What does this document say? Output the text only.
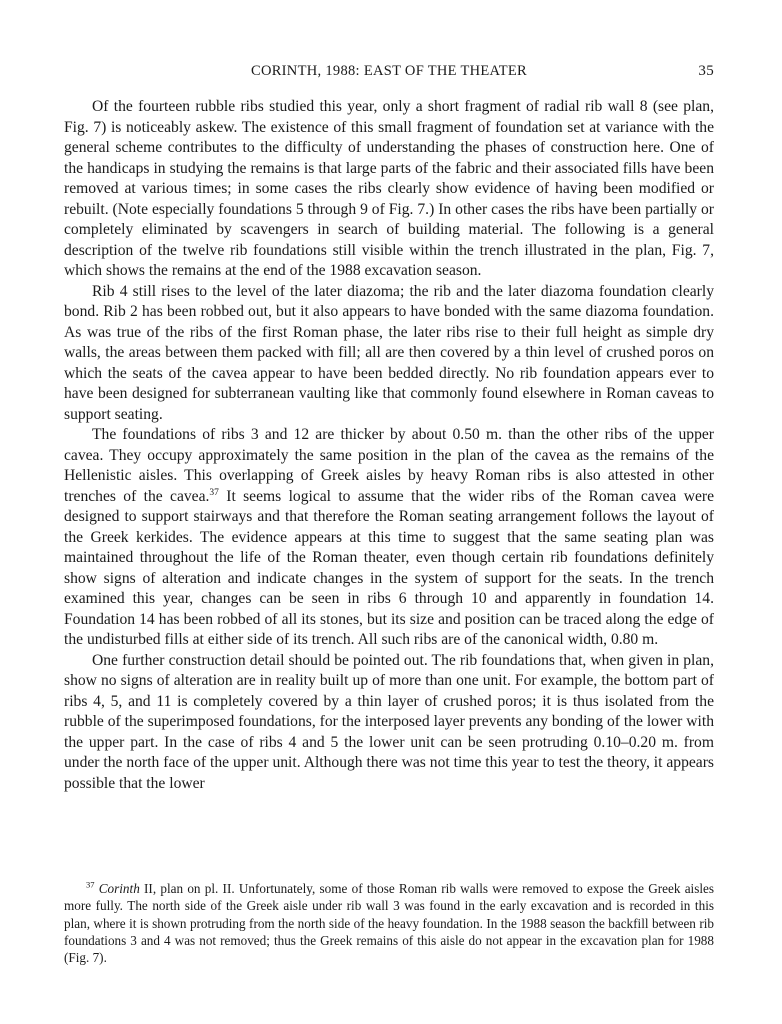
CORINTH, 1988: EAST OF THE THEATER	35

Of the fourteen rubble ribs studied this year, only a short fragment of radial rib wall 8 (see plan, Fig. 7) is noticeably askew. The existence of this small fragment of foundation set at variance with the general scheme contributes to the difficulty of understanding the phases of construction here. One of the handicaps in studying the remains is that large parts of the fabric and their associated fills have been removed at various times; in some cases the ribs clearly show evidence of having been modified or rebuilt. (Note especially foundations 5 through 9 of Fig. 7.) In other cases the ribs have been partially or completely eliminated by scavengers in search of building material. The following is a general description of the twelve rib foundations still visible within the trench illustrated in the plan, Fig. 7, which shows the remains at the end of the 1988 excavation season.

Rib 4 still rises to the level of the later diazoma; the rib and the later diazoma foundation clearly bond. Rib 2 has been robbed out, but it also appears to have bonded with the same diazoma foundation. As was true of the ribs of the first Roman phase, the later ribs rise to their full height as simple dry walls, the areas between them packed with fill; all are then covered by a thin level of crushed poros on which the seats of the cavea appear to have been bedded directly. No rib foundation appears ever to have been designed for subterranean vaulting like that commonly found elsewhere in Roman caveas to support seating.

The foundations of ribs 3 and 12 are thicker by about 0.50 m. than the other ribs of the upper cavea. They occupy approximately the same position in the plan of the cavea as the remains of the Hellenistic aisles. This overlapping of Greek aisles by heavy Roman ribs is also attested in other trenches of the cavea.$^{37}$ It seems logical to assume that the wider ribs of the Roman cavea were designed to support stairways and that therefore the Roman seating arrangement follows the layout of the Greek kerkides. The evidence appears at this time to suggest that the same seating plan was maintained throughout the life of the Roman theater, even though certain rib foundations definitely show signs of alteration and indicate changes in the system of support for the seats. In the trench examined this year, changes can be seen in ribs 6 through 10 and apparently in foundation 14. Foundation 14 has been robbed of all its stones, but its size and position can be traced along the edge of the undisturbed fills at either side of its trench. All such ribs are of the canonical width, 0.80 m.

One further construction detail should be pointed out. The rib foundations that, when given in plan, show no signs of alteration are in reality built up of more than one unit. For example, the bottom part of ribs 4, 5, and 11 is completely covered by a thin layer of crushed poros; it is thus isolated from the rubble of the superimposed foundations, for the interposed layer prevents any bonding of the lower with the upper part. In the case of ribs 4 and 5 the lower unit can be seen protruding 0.10–0.20 m. from under the north face of the upper unit. Although there was not time this year to test the theory, it appears possible that the lower

$^{37}$ Corinth II, plan on pl. II. Unfortunately, some of those Roman rib walls were removed to expose the Greek aisles more fully. The north side of the Greek aisle under rib wall 3 was found in the early excavation and is recorded in this plan, where it is shown protruding from the north side of the heavy foundation. In the 1988 season the backfill between rib foundations 3 and 4 was not removed; thus the Greek remains of this aisle do not appear in the excavation plan for 1988 (Fig. 7).
